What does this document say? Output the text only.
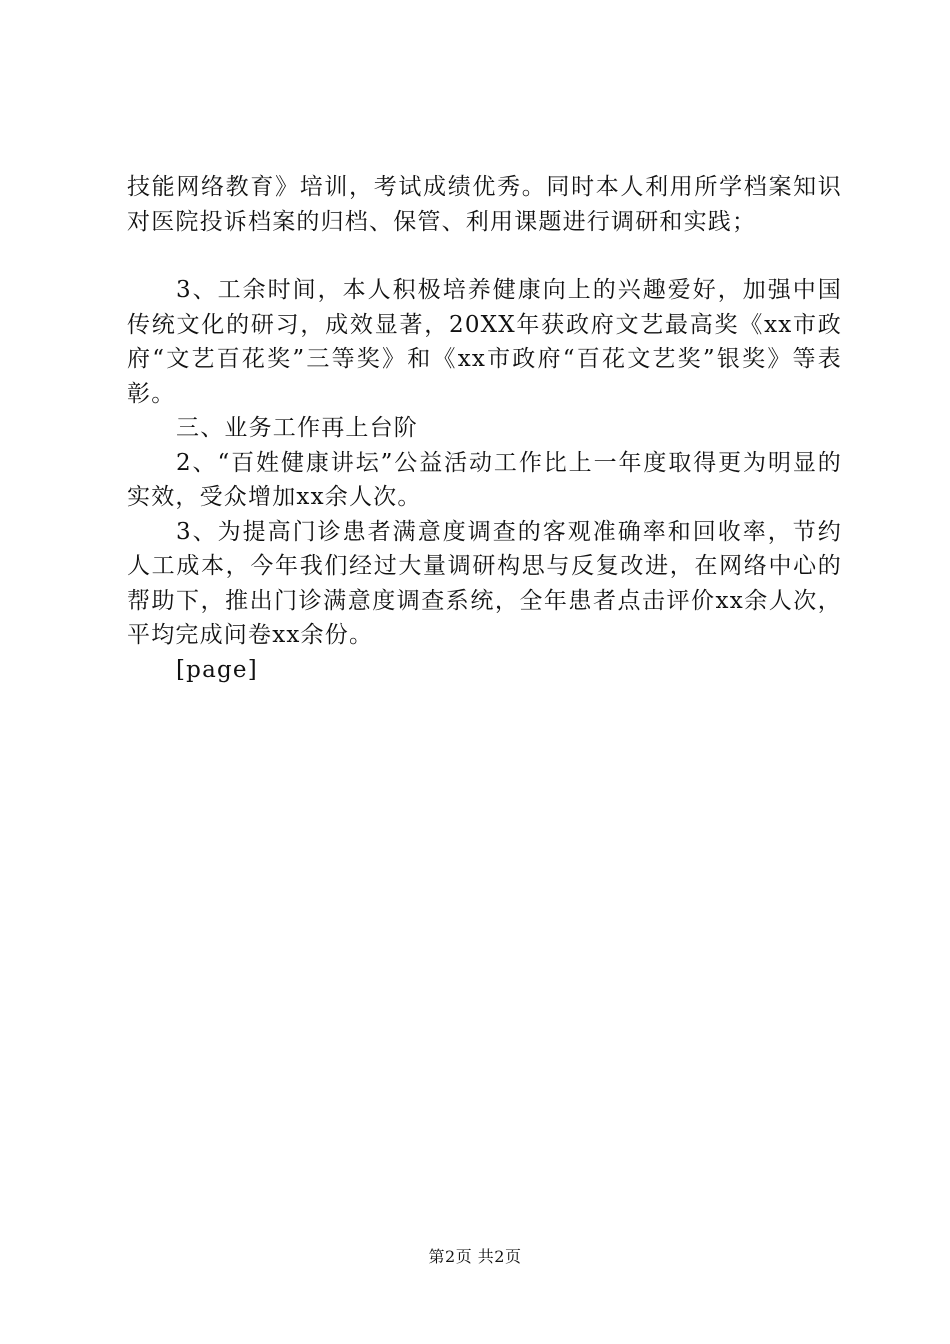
技能网络教育》培训，考试成绩优秀。同时本人利用所学档案知识对医院投诉档案的归档、保管、利用课题进行调研和实践；

3、工余时间，本人积极培养健康向上的兴趣爱好，加强中国传统文化的研习，成效显著，20XX年获政府文艺最高奖《xx市政府“文艺百花奖”三等奖》和《xx市政府“百花文艺奖”银奖》等表彰。

三、业务工作再上台阶

2、“百姓健康讲坛”公益活动工作比上一年度取得更为明显的实效，受众增加xx余人次。

3、为提高门诊患者满意度调查的客观准确率和回收率，节约人工成本，今年我们经过大量调研构思与反复改进，在网络中心的帮助下，推出门诊满意度调查系统，全年患者点击评价xx余人次，平均完成问卷xx余份。

[page]

第2页 共2页
